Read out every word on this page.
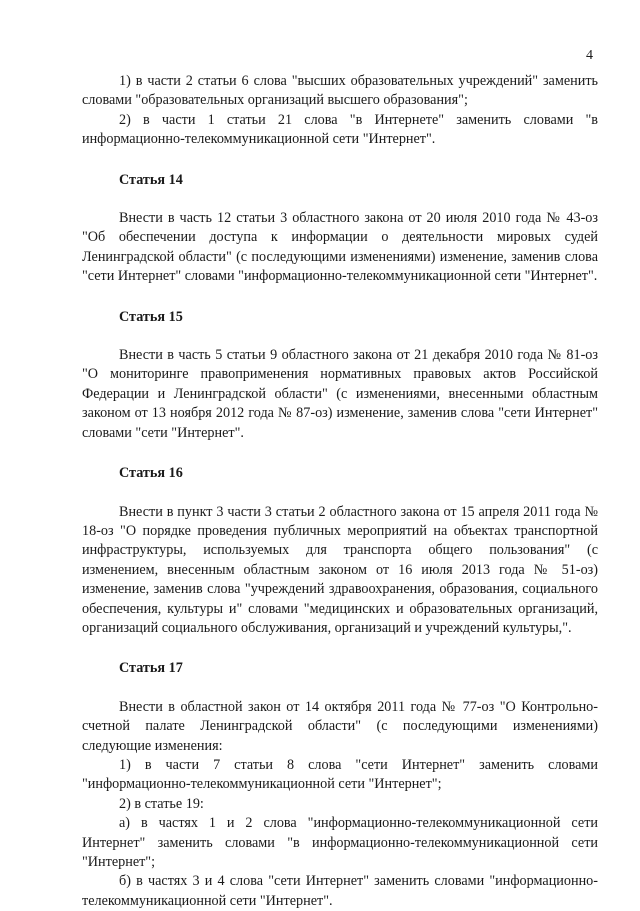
4

1) в части 2 статьи 6 слова "высших образовательных учреждений" заменить словами "образовательных организаций высшего образования";

2) в части 1 статьи 21 слова "в Интернете" заменить словами "в информационно-телекоммуникационной сети "Интернет".

Статья 14

Внести в часть 12 статьи 3 областного закона от 20 июля 2010 года № 43-оз "Об обеспечении доступа к информации о деятельности мировых судей Ленинградской области" (с последующими изменениями) изменение, заменив слова "сети Интернет" словами "информационно-телекоммуникационной сети "Интернет".

Статья 15

Внести в часть 5 статьи 9 областного закона от 21 декабря 2010 года № 81-оз "О мониторинге правоприменения нормативных правовых актов Российской Федерации и Ленинградской области" (с изменениями, внесенными областным законом от 13 ноября 2012 года № 87-оз) изменение, заменив слова "сети Интернет" словами "сети "Интернет".

Статья 16

Внести в пункт 3 части 3 статьи 2 областного закона от 15 апреля 2011 года № 18-оз "О порядке проведения публичных мероприятий на объектах транспортной инфраструктуры, используемых для транспорта общего пользования" (с изменением, внесенным областным законом от 16 июля 2013 года № 51-оз) изменение, заменив слова "учреждений здравоохранения, образования, социального обеспечения, культуры и" словами "медицинских и образовательных организаций, организаций социального обслуживания, организаций и учреждений культуры,".

Статья 17

Внести в областной закон от 14 октября 2011 года № 77-оз "О Контрольно-счетной палате Ленинградской области" (с последующими изменениями) следующие изменения:

1) в части 7 статьи 8 слова "сети Интернет" заменить словами "информационно-телекоммуникационной сети "Интернет";

2) в статье 19:

а) в частях 1 и 2 слова "информационно-телекоммуникационной сети Интернет" заменить словами "в информационно-телекоммуникационной сети "Интернет";

б) в частях 3 и 4 слова "сети Интернет" заменить словами "информационно-телекоммуникационной сети "Интернет".
